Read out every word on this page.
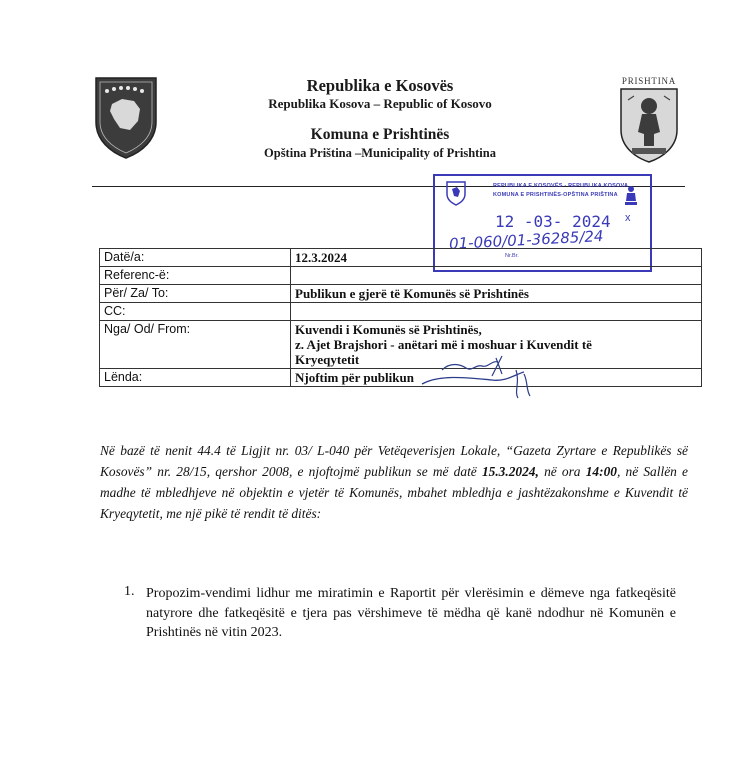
PRISHTINA
Republika e Kosovës
Republika Kosova – Republic of Kosovo
Komuna e Prishtinës
Opština Priština –Municipality of Prishtina
REPUBLIKA E KOSOVËS - REPUBLIKA KOSOVA
KOMUNA E PRISHTINËS-OPŠTINA PRIŠTINA
12 -03- 2024 x
01-060/01-36285/24
Nr.Br.
Datë/a:	12.3.2024
Referenc-ë:	
Për/ Za/ To:	Publikun e gjerë të Komunës së Prishtinës
CC:	
Nga/ Od/ From:	Kuvendi i Komunës së Prishtinës,
z. Ajet Brajshori - anëtari më i moshuar i Kuvendit të
Kryeqytetit

Lënda:	Njoftim për publikun
Në bazë të nenit 44.4 të Ligjit nr. 03/ L-040 për Vetëqeverisjen Lokale, “Gazeta Zyrtare e Republikës së Kosovës” nr. 28/15, qershor 2008, e njoftojmë publikun se më datë 15.3.2024, në ora 14:00, në Sallën e madhe të mbledhjeve në objektin e vjetër të Komunës, mbahet mbledhja e jashtëzakonshme e Kuvendit të Kryeqytetit, me një pikë të rendit të ditës:
1. Propozim-vendimi lidhur me miratimin e Raportit për vlerësimin e dëmeve nga fatkeqësitë natyrore dhe fatkeqësitë e tjera pas vërshimeve të mëdha që kanë ndodhur në Komunën e Prishtinës në vitin 2023.
